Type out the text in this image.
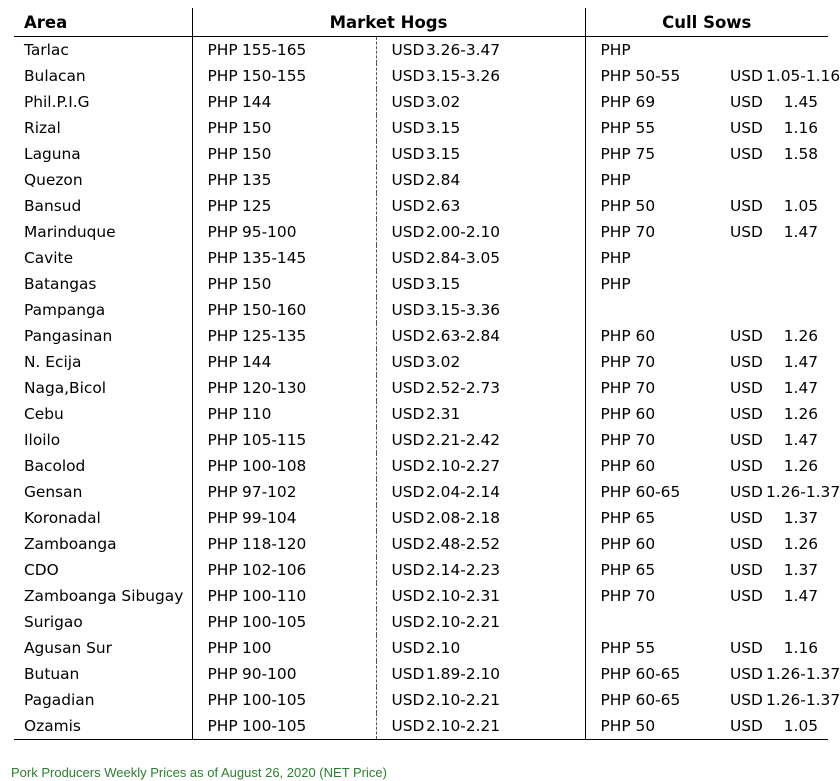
Area	Market Hogs				Cull Sows		
Tarlac	PHP	155-165	USD	3.26-3.47	PHP		
Bulacan	PHP	150-155	USD	3.15-3.26	PHP 50-55	USD	1.05-1.16
Phil.P.I.G	PHP	144	USD	3.02	PHP 69	USD	1.45
Rizal	PHP	150	USD	3.15	PHP 55	USD	1.16
Laguna	PHP	150	USD	3.15	PHP 75	USD	1.58
Quezon	PHP	135	USD	2.84	PHP		
Bansud	PHP	125	USD	2.63	PHP 50	USD	1.05
Marinduque	PHP	95-100	USD	2.00-2.10	PHP 70	USD	1.47
Cavite	PHP	135-145	USD	2.84-3.05	PHP		
Batangas	PHP	150	USD	3.15	PHP		
Pampanga	PHP	150-160	USD	3.15-3.36			
Pangasinan	PHP	125-135	USD	2.63-2.84	PHP 60	USD	1.26
N. Ecija	PHP	144	USD	3.02	PHP 70	USD	1.47
Naga,Bicol	PHP	120-130	USD	2.52-2.73	PHP 70	USD	1.47
Cebu	PHP	110	USD	2.31	PHP 60	USD	1.26
Iloilo	PHP	105-115	USD	2.21-2.42	PHP 70	USD	1.47
Bacolod	PHP	100-108	USD	2.10-2.27	PHP 60	USD	1.26
Gensan	PHP	97-102	USD	2.04-2.14	PHP 60-65	USD	1.26-1.37
Koronadal	PHP	99-104	USD	2.08-2.18	PHP 65	USD	1.37
Zamboanga	PHP	118-120	USD	2.48-2.52	PHP 60	USD	1.26
CDO	PHP	102-106	USD	2.14-2.23	PHP 65	USD	1.37
Zamboanga Sibugay	PHP	100-110	USD	2.10-2.31	PHP 70	USD	1.47
Surigao	PHP	100-105	USD	2.10-2.21			
Agusan Sur	PHP	100	USD	2.10	PHP 55	USD	1.16
Butuan	PHP	90-100	USD	1.89-2.10	PHP 60-65	USD	1.26-1.37
Pagadian	PHP	100-105	USD	2.10-2.21	PHP 60-65	USD	1.26-1.37
Ozamis	PHP	100-105	USD	2.10-2.21	PHP 50	USD	1.05
Pork Producers Weekly Prices as of August 26, 2020 (NET Price)
